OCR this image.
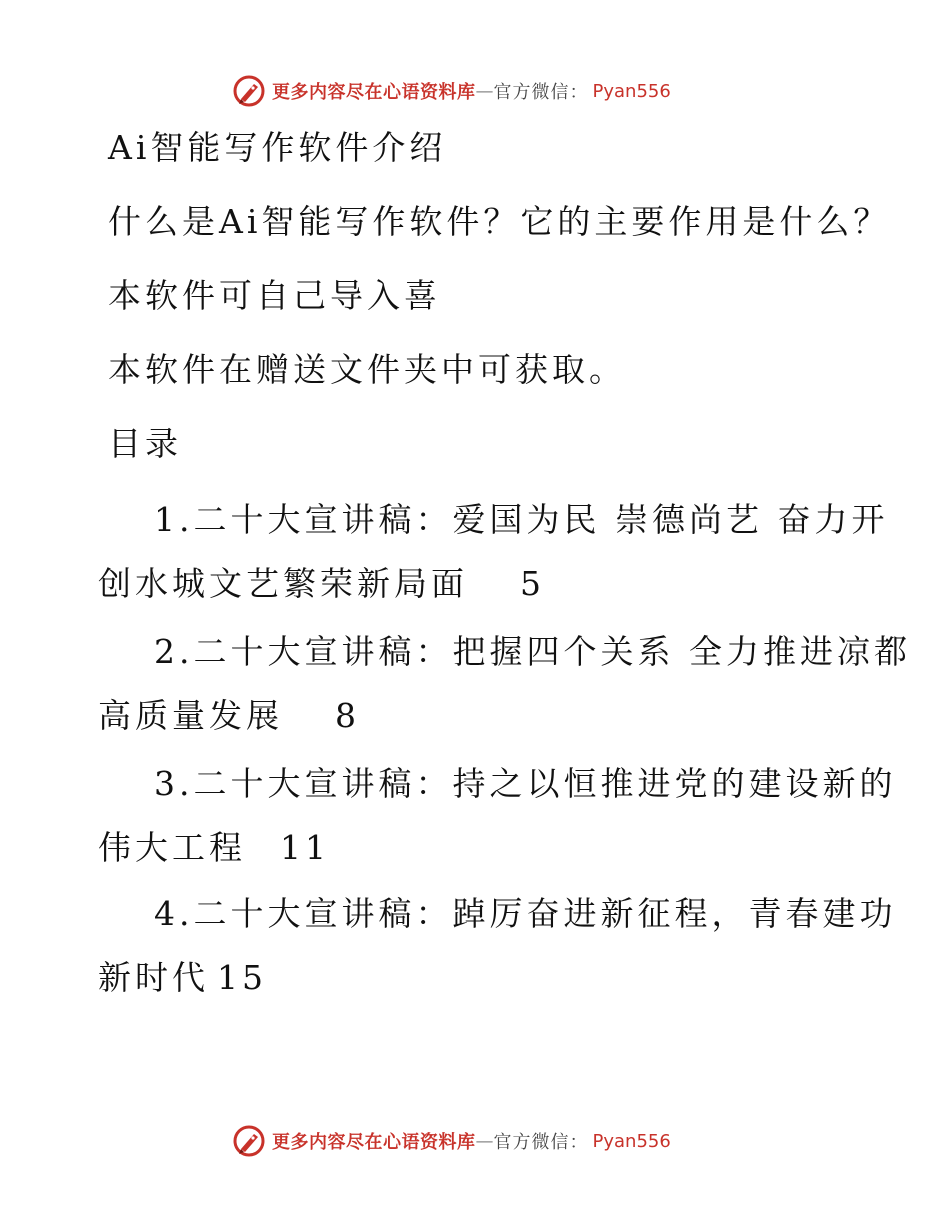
更多内容尽在心语资料库 — 官方微信： Pyan556
Ai智能写作软件介绍
什么是Ai智能写作软件？它的主要作用是什么？
本软件可自己导入喜
本软件在赠送文件夹中可获取。
目录
1.二十大宣讲稿：爱国为民 崇德尚艺 奋力开
创水城文艺繁荣新局面 5
2.二十大宣讲稿：把握四个关系 全力推进凉都
高质量发展 8
3.二十大宣讲稿：持之以恒推进党的建设新的
伟大工程 11
4.二十大宣讲稿：踔厉奋进新征程，青春建功
新时代 15
更多内容尽在心语资料库 — 官方微信： Pyan556
